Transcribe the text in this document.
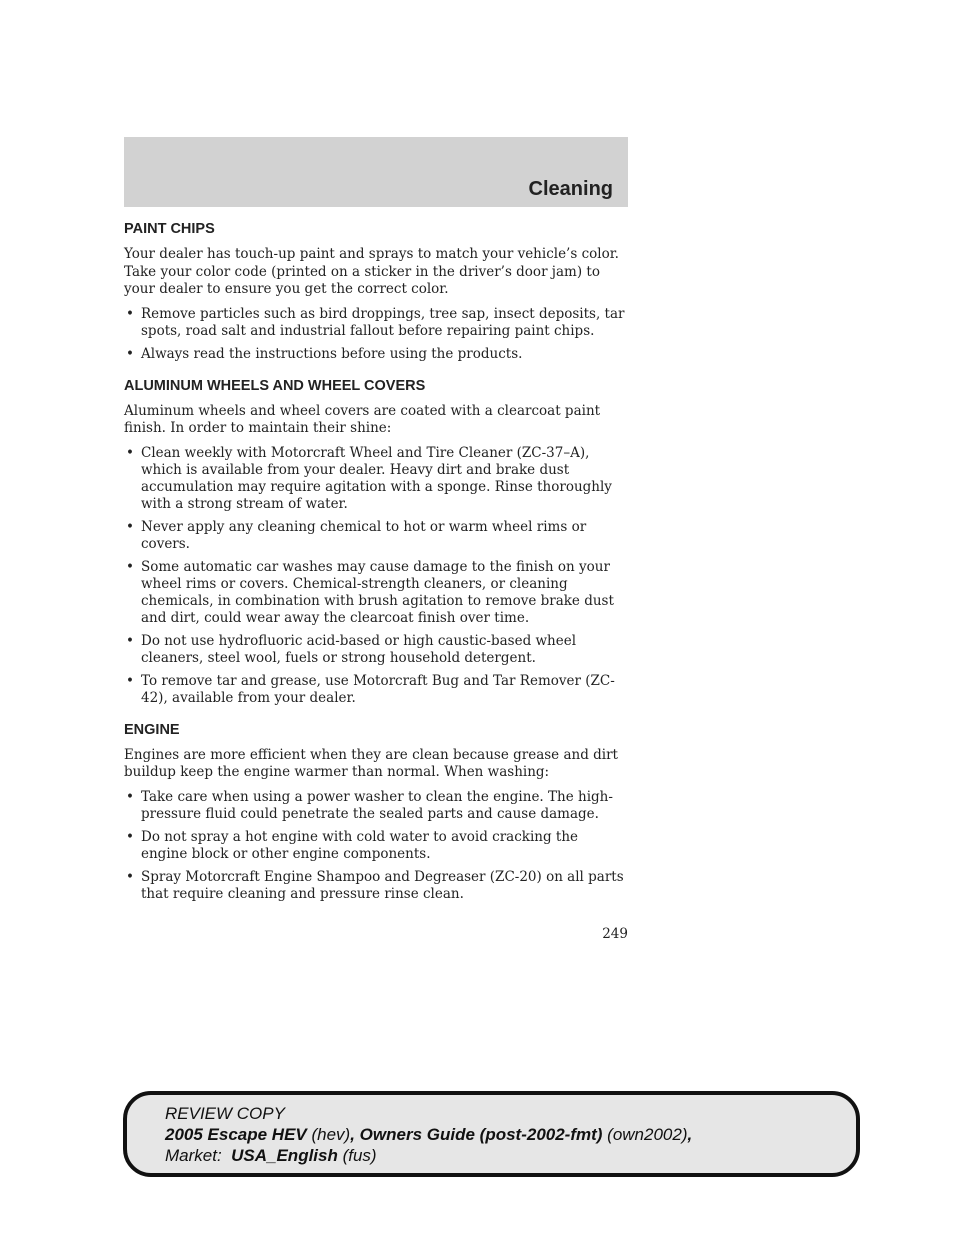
Cleaning
PAINT CHIPS

Your dealer has touch-up paint and sprays to match your vehicle’s color. Take your color code (printed on a sticker in the driver’s door jam) to your dealer to ensure you get the correct color.

• Remove particles such as bird droppings, tree sap, insect deposits, tar spots, road salt and industrial fallout before repairing paint chips.
• Always read the instructions before using the products.
ALUMINUM WHEELS AND WHEEL COVERS

Aluminum wheels and wheel covers are coated with a clearcoat paint finish. In order to maintain their shine:

• Clean weekly with Motorcraft Wheel and Tire Cleaner (ZC-37–A), which is available from your dealer. Heavy dirt and brake dust accumulation may require agitation with a sponge. Rinse thoroughly with a strong stream of water.
• Never apply any cleaning chemical to hot or warm wheel rims or covers.
• Some automatic car washes may cause damage to the finish on your wheel rims or covers. Chemical-strength cleaners, or cleaning chemicals, in combination with brush agitation to remove brake dust and dirt, could wear away the clearcoat finish over time.
• Do not use hydrofluoric acid-based or high caustic-based wheel cleaners, steel wool, fuels or strong household detergent.
• To remove tar and grease, use Motorcraft Bug and Tar Remover (ZC-42), available from your dealer.
ENGINE

Engines are more efficient when they are clean because grease and dirt buildup keep the engine warmer than normal. When washing:

• Take care when using a power washer to clean the engine. The high-pressure fluid could penetrate the sealed parts and cause damage.
• Do not spray a hot engine with cold water to avoid cracking the engine block or other engine components.
• Spray Motorcraft Engine Shampoo and Degreaser (ZC-20) on all parts that require cleaning and pressure rinse clean.
249
REVIEW COPY
2005 Escape HEV (hev), Owners Guide (post-2002-fmt) (own2002),
Market:  USA_English (fus)
